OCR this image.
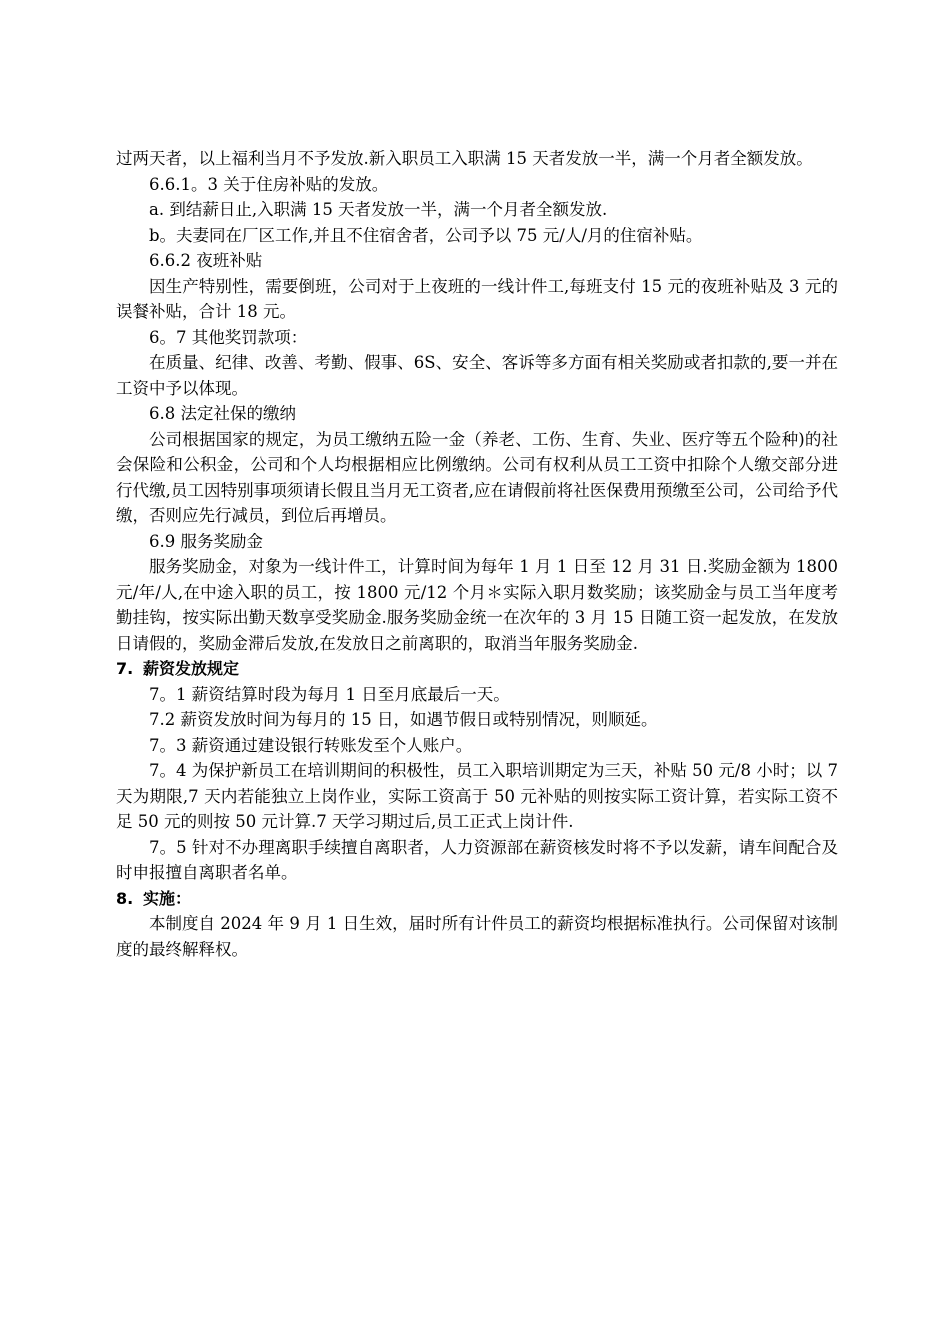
过两天者，以上福利当月不予发放.新入职员工入职满 15 天者发放一半，满一个月者全额发放。

6.6.1。3 关于住房补贴的发放。

a. 到结薪日止,入职满 15 天者发放一半，满一个月者全额发放.

b。夫妻同在厂区工作,并且不住宿舍者，公司予以 75 元/人/月的住宿补贴。

6.6.2 夜班补贴

因生产特别性，需要倒班，公司对于上夜班的一线计件工,每班支付 15 元的夜班补贴及 3 元的误餐补贴，合计 18 元。

6。7 其他奖罚款项：

在质量、纪律、改善、考勤、假事、6S、安全、客诉等多方面有相关奖励或者扣款的,要一并在工资中予以体现。

6.8 法定社保的缴纳

公司根据国家的规定，为员工缴纳五险一金（养老、工伤、生育、失业、医疗等五个险种)的社会保险和公积金，公司和个人均根据相应比例缴纳。公司有权利从员工工资中扣除个人缴交部分进行代缴,员工因特别事项须请长假且当月无工资者,应在请假前将社医保费用预缴至公司，公司给予代缴，否则应先行减员，到位后再增员。

6.9 服务奖励金

服务奖励金，对象为一线计件工，计算时间为每年 1 月 1 日至 12 月 31 日.奖励金额为 1800 元/年/人,在中途入职的员工，按 1800 元/12 个月＊实际入职月数奖励；该奖励金与员工当年度考勤挂钩，按实际出勤天数享受奖励金.服务奖励金统一在次年的 3 月 15 日随工资一起发放，在发放日请假的，奖励金滞后发放,在发放日之前离职的，取消当年服务奖励金.

7. 薪资发放规定

7。1 薪资结算时段为每月 1 日至月底最后一天。

7.2 薪资发放时间为每月的 15 日，如遇节假日或特别情况，则顺延。

7。3 薪资通过建设银行转账发至个人账户。

7。4 为保护新员工在培训期间的积极性，员工入职培训期定为三天，补贴 50 元/8 小时；以 7 天为期限,7 天内若能独立上岗作业，实际工资高于 50 元补贴的则按实际工资计算，若实际工资不足 50 元的则按 50 元计算.7 天学习期过后,员工正式上岗计件.

7。5 针对不办理离职手续擅自离职者，人力资源部在薪资核发时将不予以发薪，请车间配合及时申报擅自离职者名单。

8. 实施：

本制度自 2024 年 9 月 1 日生效，届时所有计件员工的薪资均根据标准执行。公司保留对该制度的最终解释权。
